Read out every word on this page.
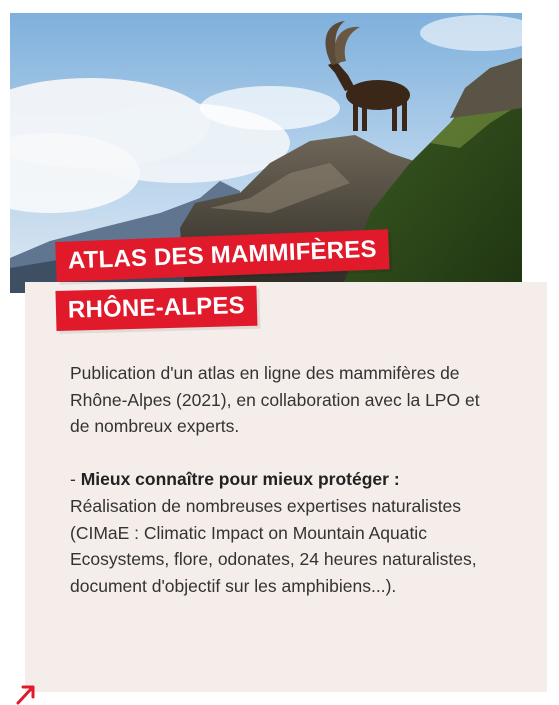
ATLAS DES MAMMIFÈRES
RHÔNE-ALPES

Publication d'un atlas en ligne des mammifères de Rhône-Alpes (2021), en collaboration avec la LPO et de nombreux experts.

- Mieux connaître pour mieux protéger :
Réalisation de nombreuses expertises naturalistes (CIMaE : Climatic Impact on Mountain Aquatic Ecosystems, flore, odonates, 24 heures naturalistes, document d'objectif sur les amphibiens...).
